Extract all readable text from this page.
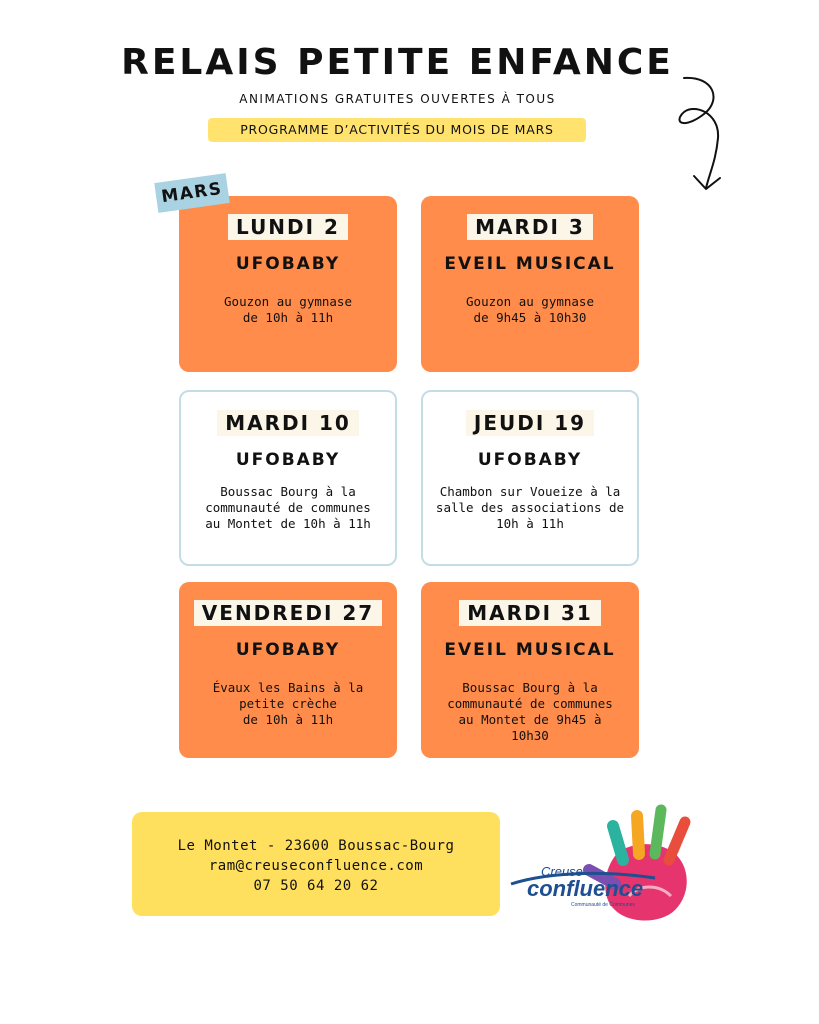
RELAIS PETITE ENFANCE
ANIMATIONS GRATUITES OUVERTES À TOUS
PROGRAMME D’ACTIVITÉS DU MOIS DE MARS
MARS
LUNDI 2
UFOBABY
Gouzon au gymnase
de 10h à 11h
MARDI 3
EVEIL MUSICAL
Gouzon au gymnase
de 9h45 à 10h30
MARDI 10
UFOBABY
Boussac Bourg à la
communauté de communes
au Montet de 10h à 11h
JEUDI 19
UFOBABY
Chambon sur Voueize à la
salle des associations de
10h à 11h
VENDREDI 27
UFOBABY
Évaux les Bains à la
petite crèche
de 10h à 11h
MARDI 31
EVEIL MUSICAL
Boussac Bourg à la
communauté de communes
au Montet de 9h45 à
10h30
Le Montet - 23600 Boussac-Bourg
ram@creuseconfluence.com
07 50 64 20 62
Creuse
confluence
Communauté de Communes
